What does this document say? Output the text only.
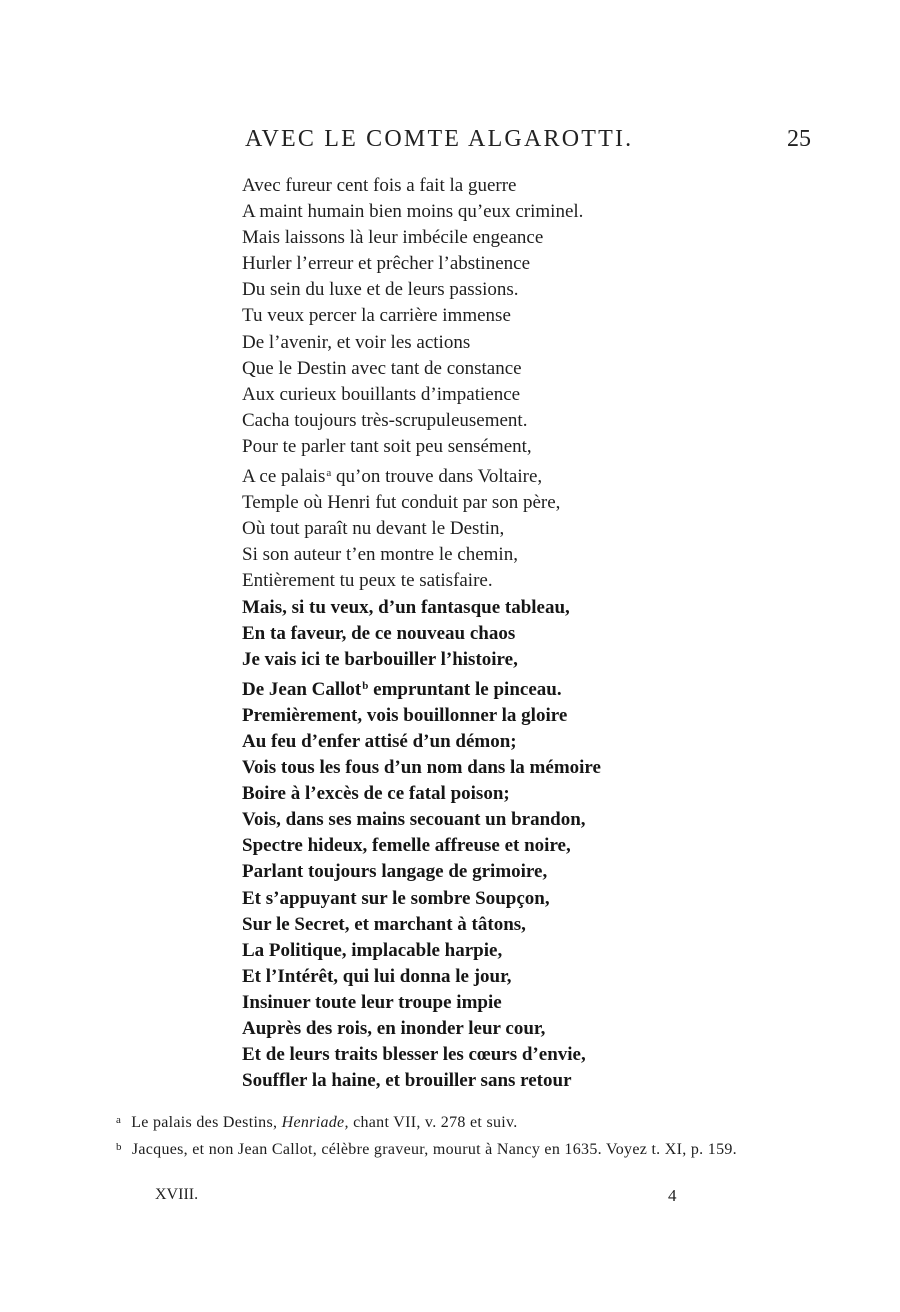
AVEC LE COMTE ALGAROTTI.	25
Avec fureur cent fois a fait la guerre
A maint humain bien moins qu’eux criminel.
Mais laissons là leur imbécile engeance
Hurler l’erreur et prêcher l’abstinence
Du sein du luxe et de leurs passions.
Tu veux percer la carrière immense
De l’avenir, et voir les actions
Que le Destin avec tant de constance
Aux curieux bouillants d’impatience
Cacha toujours très-scrupuleusement.
Pour te parler tant soit peu sensément,
A ce palais$^a$ qu’on trouve dans Voltaire,
Temple où Henri fut conduit par son père,
Où tout paraît nu devant le Destin,
Si son auteur t’en montre le chemin,
Entièrement tu peux te satisfaire.
Mais, si tu veux, d’un fantasque tableau,
En ta faveur, de ce nouveau chaos
Je vais ici te barbouiller l’histoire,
De Jean Callot$^b$ empruntant le pinceau.
Premièrement, vois bouillonner la gloire
Au feu d’enfer attisé d’un démon;
Vois tous les fous d’un nom dans la mémoire
Boire à l’excès de ce fatal poison;
Vois, dans ses mains secouant un brandon,
Spectre hideux, femelle affreuse et noire,
Parlant toujours langage de grimoire,
Et s’appuyant sur le sombre Soupçon,
Sur le Secret, et marchant à tâtons,
La Politique, implacable harpie,
Et l’Intérêt, qui lui donna le jour,
Insinuer toute leur troupe impie
Auprès des rois, en inonder leur cour,
Et de leurs traits blesser les cœurs d’envie,
Souffler la haine, et brouiller sans retour
$^a$ Le palais des Destins, Henriade, chant VII, v. 278 et suiv.
$^b$ Jacques, et non Jean Callot, célèbre graveur, mourut à Nancy en 1635. Voyez t. XI, p. 159.
XVIII.	4
